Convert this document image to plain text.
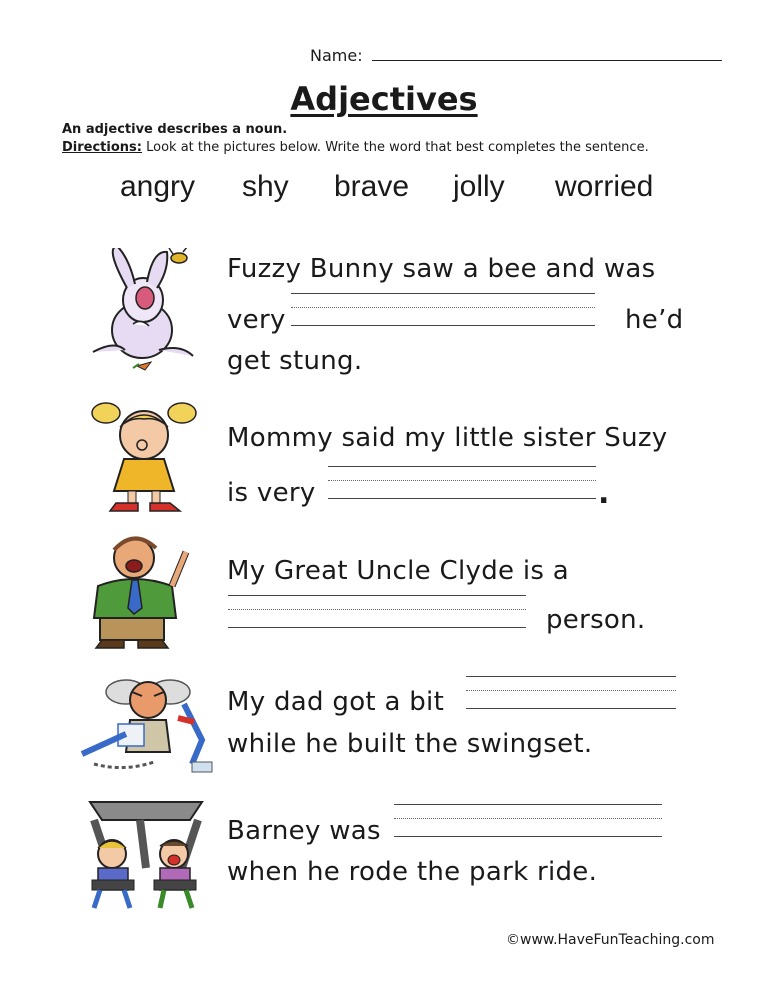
Name:
Adjectives
An adjective describes a noun.
Directions: Look at the pictures below. Write the word that best completes the sentence.
angry shy brave jolly worried
Fuzzy Bunny saw a bee and was
very	he’d
get stung.
Mommy said my little sister Suzy
is very	.
My Great Uncle Clyde is a
person.
My dad got a bit
while he built the swingset.
Barney was
when he rode the park ride.
©www.HaveFunTeaching.com
